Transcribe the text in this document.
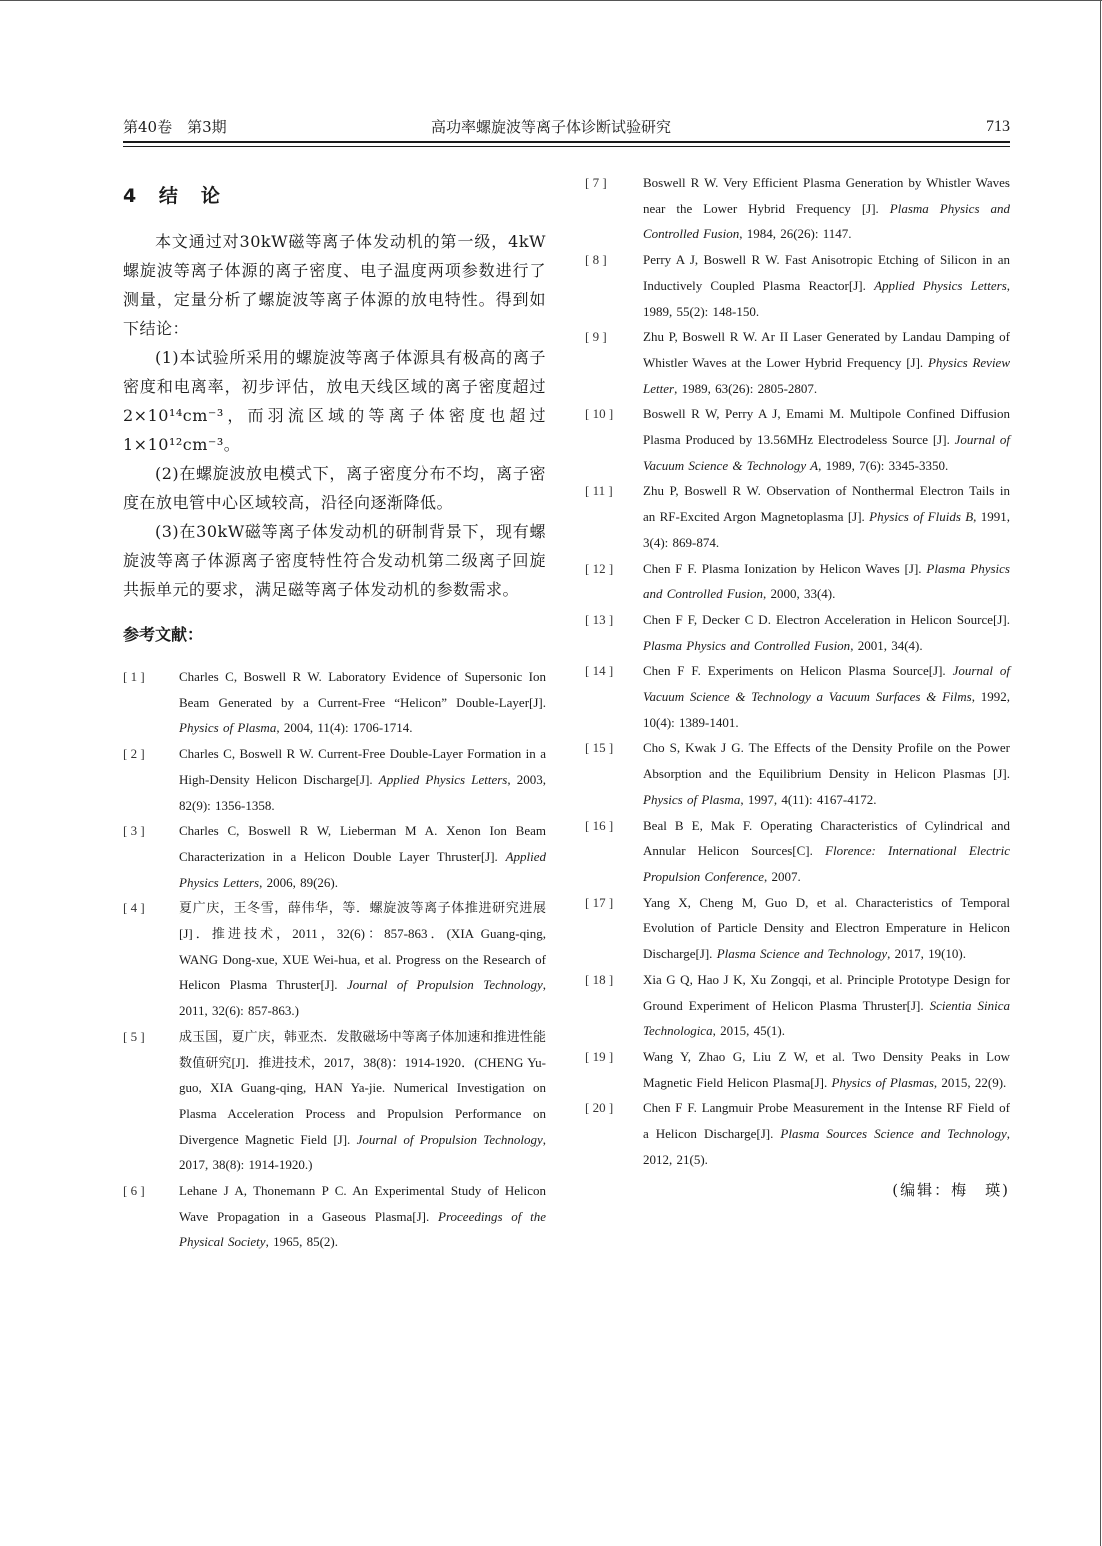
第40卷　第3期	高功率螺旋波等离子体诊断试验研究	713
4 结　论

本文通过对30kW磁等离子体发动机的第一级，4kW螺旋波等离子体源的离子密度、电子温度两项参数进行了测量，定量分析了螺旋波等离子体源的放电特性。得到如下结论：

(1)本试验所采用的螺旋波等离子体源具有极高的离子密度和电离率，初步评估，放电天线区域的离子密度超过2×10¹⁴cm⁻³，而羽流区域的等离子体密度也超过1×10¹²cm⁻³。

(2)在螺旋波放电模式下，离子密度分布不均，离子密度在放电管中心区域较高，沿径向逐渐降低。

(3)在30kW磁等离子体发动机的研制背景下，现有螺旋波等离子体源离子密度特性符合发动机第二级离子回旋共振单元的要求，满足磁等离子体发动机的参数需求。

参考文献：
[ 1 ]	Charles C, Boswell R W. Laboratory Evidence of Supersonic Ion Beam Generated by a Current-Free “Helicon” Double-Layer[J]. Physics of Plasma, 2004, 11(4): 1706-1714.
[ 2 ]	Charles C, Boswell R W. Current-Free Double-Layer Formation in a High-Density Helicon Discharge[J]. Applied Physics Letters, 2003, 82(9): 1356-1358.
[ 3 ]	Charles C, Boswell R W, Lieberman M A. Xenon Ion Beam Characterization in a Helicon Double Layer Thruster[J]. Applied Physics Letters, 2006, 89(26).
[ 4 ]	夏广庆，王冬雪，薛伟华，等．螺旋波等离子体推进研究进展[J]．推进技术，2011，32(6)：857-863．(XIA Guang-qing, WANG Dong-xue, XUE Wei-hua, et al. Progress on the Research of Helicon Plasma Thruster[J]. Journal of Propulsion Technology, 2011, 32(6): 857-863.)
[ 5 ]	成玉国，夏广庆，韩亚杰．发散磁场中等离子体加速和推进性能数值研究[J]．推进技术，2017，38(8)：1914-1920．(CHENG Yu-guo, XIA Guang-qing, HAN Ya-jie. Numerical Investigation on Plasma Acceleration Process and Propulsion Performance on Divergence Magnetic Field [J]. Journal of Propulsion Technology, 2017, 38(8): 1914-1920.)
[ 6 ]	Lehane J A, Thonemann P C. An Experimental Study of Helicon Wave Propagation in a Gaseous Plasma[J]. Proceedings of the Physical Society, 1965, 85(2).
[ 7 ]	Boswell R W. Very Efficient Plasma Generation by Whistler Waves near the Lower Hybrid Frequency [J]. Plasma Physics and Controlled Fusion, 1984, 26(26): 1147.
[ 8 ]	Perry A J, Boswell R W. Fast Anisotropic Etching of Silicon in an Inductively Coupled Plasma Reactor[J]. Applied Physics Letters, 1989, 55(2): 148-150.
[ 9 ]	Zhu P, Boswell R W. Ar II Laser Generated by Landau Damping of Whistler Waves at the Lower Hybrid Frequency [J]. Physics Review Letter, 1989, 63(26): 2805-2807.
[ 10 ]	Boswell R W, Perry A J, Emami M. Multipole Confined Diffusion Plasma Produced by 13.56MHz Electrodeless Source [J]. Journal of Vacuum Science & Technology A, 1989, 7(6): 3345-3350.
[ 11 ]	Zhu P, Boswell R W. Observation of Nonthermal Electron Tails in an RF-Excited Argon Magnetoplasma [J]. Physics of Fluids B, 1991, 3(4): 869-874.
[ 12 ]	Chen F F. Plasma Ionization by Helicon Waves [J]. Plasma Physics and Controlled Fusion, 2000, 33(4).
[ 13 ]	Chen F F, Decker C D. Electron Acceleration in Helicon Source[J]. Plasma Physics and Controlled Fusion, 2001, 34(4).
[ 14 ]	Chen F F. Experiments on Helicon Plasma Source[J]. Journal of Vacuum Science & Technology a Vacuum Surfaces & Films, 1992, 10(4): 1389-1401.
[ 15 ]	Cho S, Kwak J G. The Effects of the Density Profile on the Power Absorption and the Equilibrium Density in Helicon Plasmas [J]. Physics of Plasma, 1997, 4(11): 4167-4172.
[ 16 ]	Beal B E, Mak F. Operating Characteristics of Cylindrical and Annular Helicon Sources[C]. Florence: International Electric Propulsion Conference, 2007.
[ 17 ]	Yang X, Cheng M, Guo D, et al. Characteristics of Temporal Evolution of Particle Density and Electron Emperature in Helicon Discharge[J]. Plasma Science and Technology, 2017, 19(10).
[ 18 ]	Xia G Q, Hao J K, Xu Zongqi, et al. Principle Prototype Design for Ground Experiment of Helicon Plasma Thruster[J]. Scientia Sinica Technologica, 2015, 45(1).
[ 19 ]	Wang Y, Zhao G, Liu Z W, et al. Two Density Peaks in Low Magnetic Field Helicon Plasma[J]. Physics of Plasmas, 2015, 22(9).
[ 20 ]	Chen F F. Langmuir Probe Measurement in the Intense RF Field of a Helicon Discharge[J]. Plasma Sources Science and Technology, 2012, 21(5).
(编辑：梅　瑛)
